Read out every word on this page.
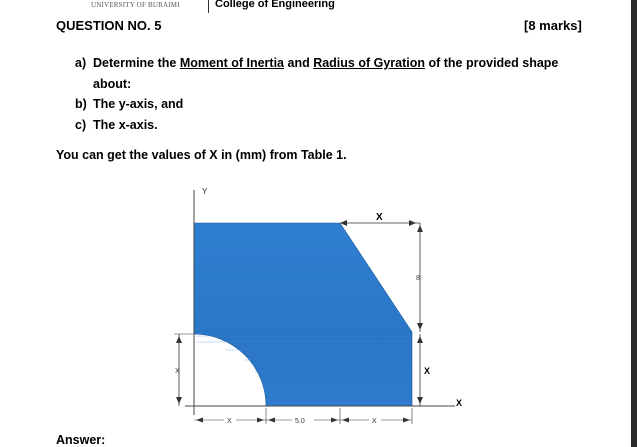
UNIVERSITY OF BURAIMI	College of Engineering
QUESTION NO. 5	[8 marks]
a) Determine the Moment of Inertia and Radius of Gyration of the provided shape
about:
b) The y-axis, and
c) The x-axis.
You can get the values of X in (mm) from Table 1.
Y
X
X
8
X
X
X	5.0	X
Answer:
